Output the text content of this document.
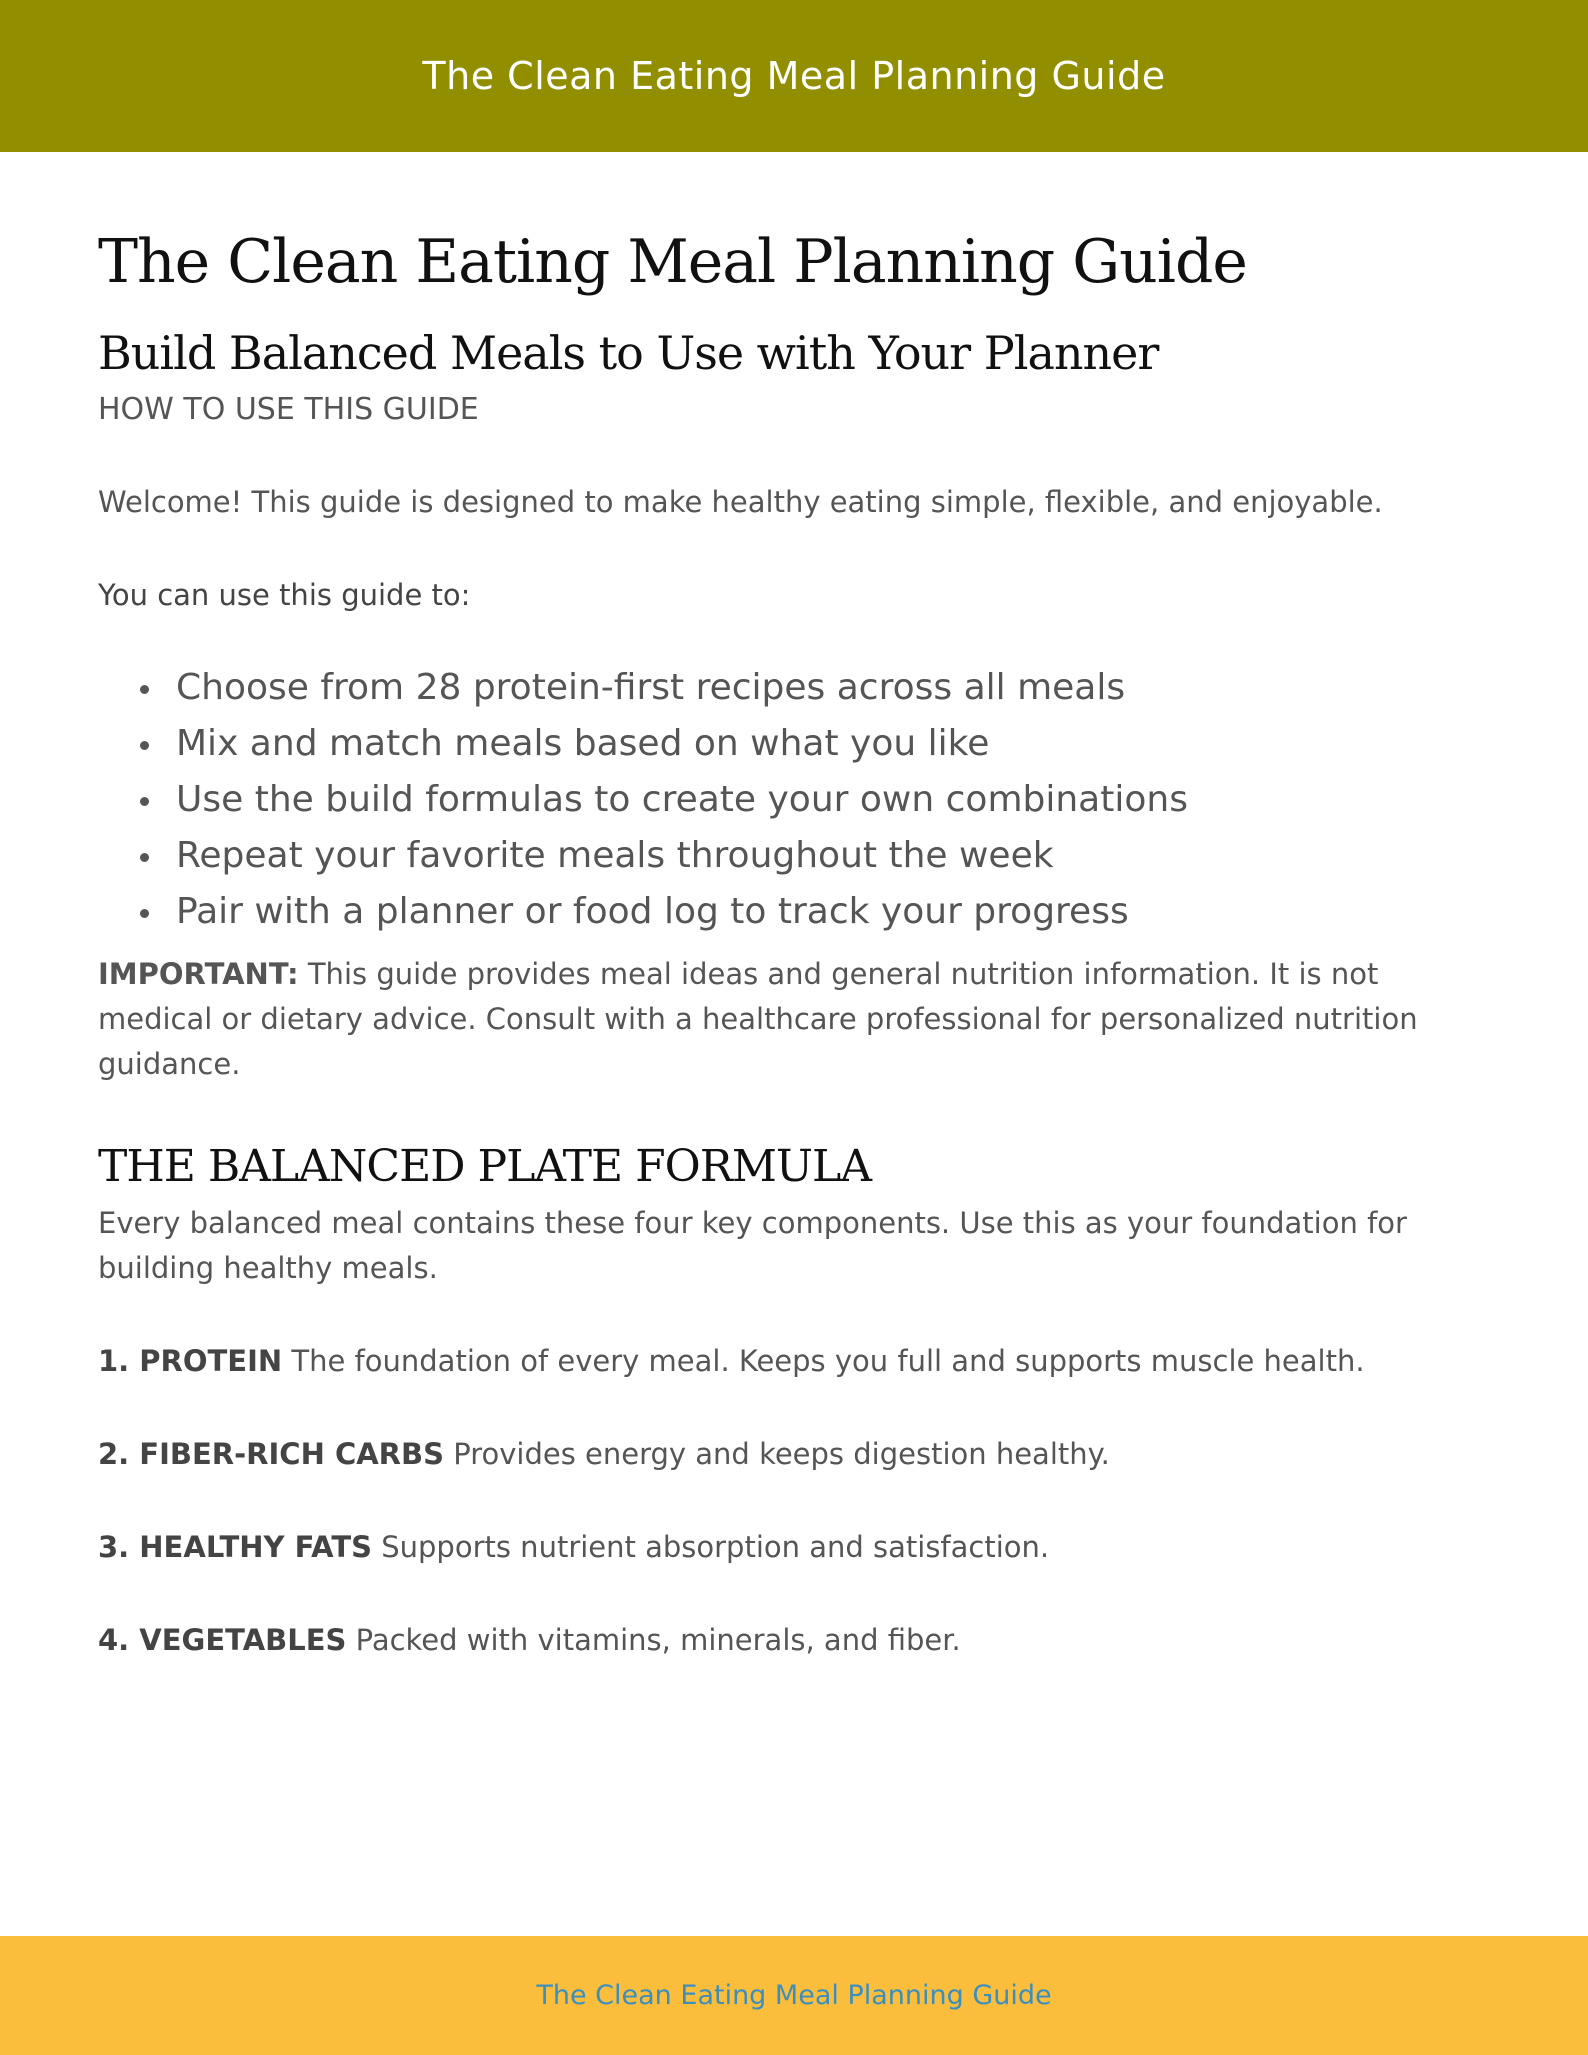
The Clean Eating Meal Planning Guide
The Clean Eating Meal Planning Guide
Build Balanced Meals to Use with Your Planner
HOW TO USE THIS GUIDE

Welcome! This guide is designed to make healthy eating simple, flexible, and enjoyable.

You can use this guide to:

Choose from 28 protein-first recipes across all meals
Mix and match meals based on what you like
Use the build formulas to create your own combinations
Repeat your favorite meals throughout the week
Pair with a planner or food log to track your progress

IMPORTANT: This guide provides meal ideas and general nutrition information. It is not medical or dietary advice. Consult with a healthcare professional for personalized nutrition guidance.

THE BALANCED PLATE FORMULA

Every balanced meal contains these four key components. Use this as your foundation for building healthy meals.

1. PROTEIN The foundation of every meal. Keeps you full and supports muscle health.

2. FIBER-RICH CARBS Provides energy and keeps digestion healthy.

3. HEALTHY FATS Supports nutrient absorption and satisfaction.

4. VEGETABLES Packed with vitamins, minerals, and fiber.

The Clean Eating Meal Planning Guide
